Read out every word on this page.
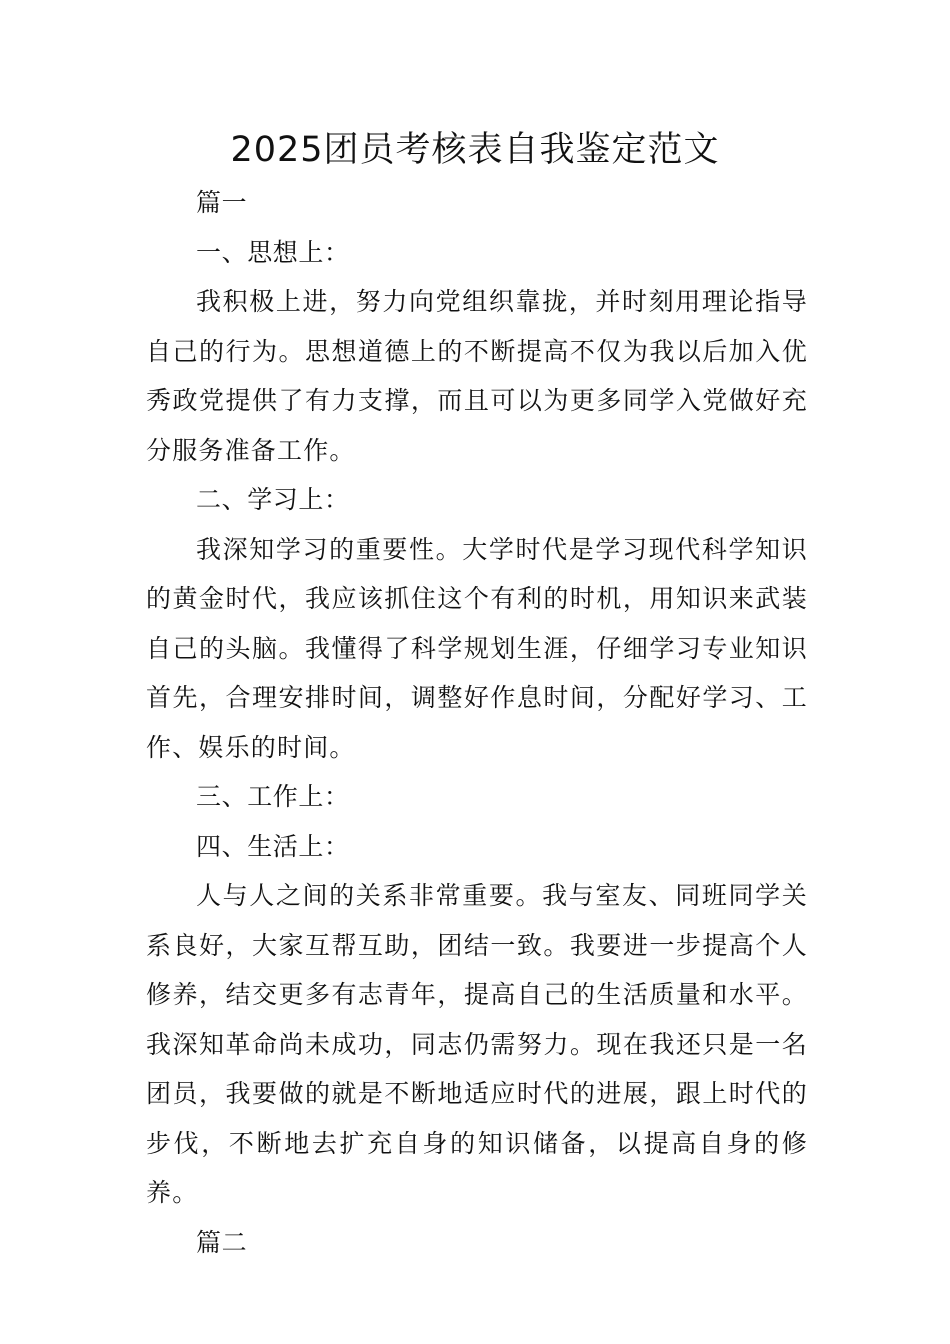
2025团员考核表自我鉴定范文

篇一

一、思想上：

我积极上进，努力向党组织靠拢，并时刻用理论指导自己的行为。思想道德上的不断提高不仅为我以后加入优秀政党提供了有力支撑，而且可以为更多同学入党做好充分服务准备工作。

二、学习上：

我深知学习的重要性。大学时代是学习现代科学知识的黄金时代，我应该抓住这个有利的时机，用知识来武装自己的头脑。我懂得了科学规划生涯，仔细学习专业知识首先，合理安排时间，调整好作息时间，分配好学习、工作、娱乐的时间。

三、工作上：

四、生活上：

人与人之间的关系非常重要。我与室友、同班同学关系良好，大家互帮互助，团结一致。我要进一步提高个人修养，结交更多有志青年，提高自己的生活质量和水平。我深知革命尚未成功，同志仍需努力。现在我还只是一名团员，我要做的就是不断地适应时代的进展，跟上时代的步伐，不断地去扩充自身的知识储备，以提高自身的修养。

篇二
